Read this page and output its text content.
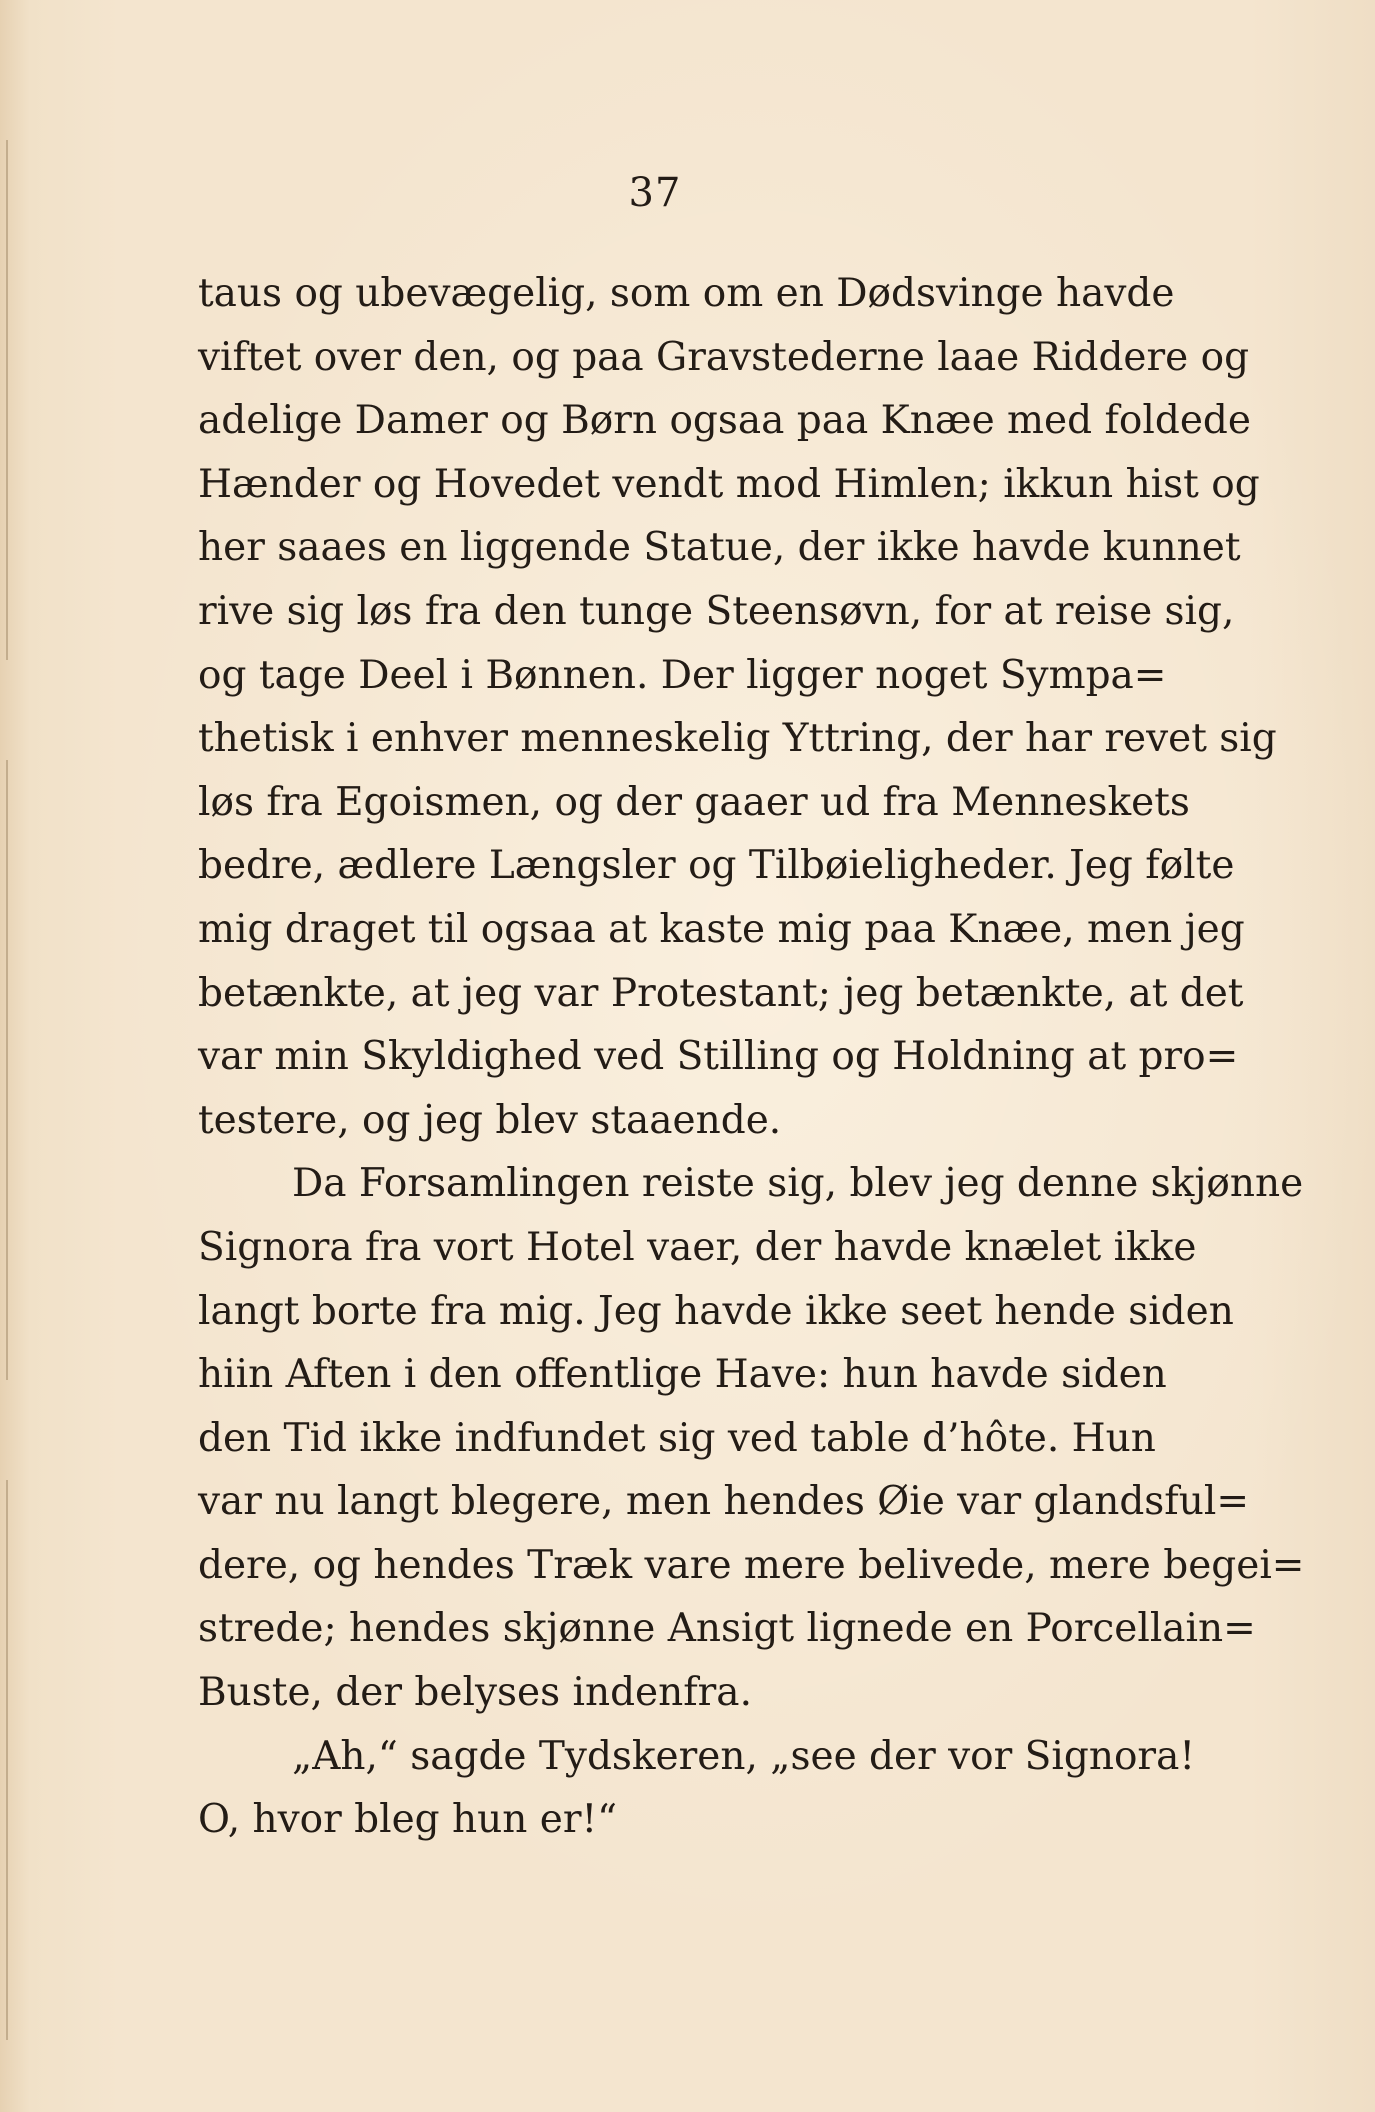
37
taus og ubevægelig, som om en Dødsvinge havde
viftet over den, og paa Gravstederne laae Riddere og
adelige Damer og Børn ogsaa paa Knæe med foldede
Hænder og Hovedet vendt mod Himlen; ikkun hist og
her saaes en liggende Statue, der ikke havde kunnet
rive sig løs fra den tunge Steensøvn, for at reise sig,
og tage Deel i Bønnen. Der ligger noget Sympa=
thetisk i enhver menneskelig Yttring, der har revet sig
løs fra Egoismen, og der gaaer ud fra Menneskets
bedre, ædlere Længsler og Tilbøieligheder. Jeg følte
mig draget til ogsaa at kaste mig paa Knæe, men jeg
betænkte, at jeg var Protestant; jeg betænkte, at det
var min Skyldighed ved Stilling og Holdning at pro=
testere, og jeg blev staaende.
Da Forsamlingen reiste sig, blev jeg denne skjønne
Signora fra vort Hotel vaer, der havde knælet ikke
langt borte fra mig. Jeg havde ikke seet hende siden
hiin Aften i den offentlige Have: hun havde siden
den Tid ikke indfundet sig ved table d’hôte. Hun
var nu langt blegere, men hendes Øie var glandsful=
dere, og hendes Træk vare mere belivede, mere begei=
strede; hendes skjønne Ansigt lignede en Porcellain=
Buste, der belyses indenfra.
„Ah,“ sagde Tydskeren, „see der vor Signora!
O, hvor bleg hun er!“
